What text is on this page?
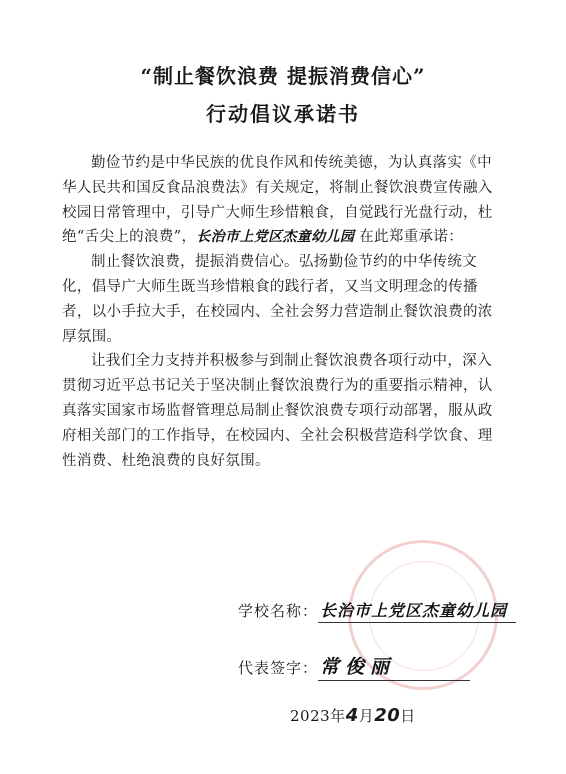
“制止餐饮浪费 提振消费信心”
行动倡议承诺书

勤俭节约是中华民族的优良作风和传统美德，为认真落实《中华人民共和国反食品浪费法》有关规定，将制止餐饮浪费宣传融入校园日常管理中，引导广大师生珍惜粮食，自觉践行光盘行动，杜绝“舌尖上的浪费”，长治市上党区杰童幼儿园 在此郑重承诺：

制止餐饮浪费，提振消费信心。弘扬勤俭节约的中华传统文化，倡导广大师生既当珍惜粮食的践行者，又当文明理念的传播者，以小手拉大手，在校园内、全社会努力营造制止餐饮浪费的浓厚氛围。

让我们全力支持并积极参与到制止餐饮浪费各项行动中，深入贯彻习近平总书记关于坚决制止餐饮浪费行为的重要指示精神，认真落实国家市场监督管理总局制止餐饮浪费专项行动部署，服从政府相关部门的工作指导，在校园内、全社会积极营造科学饮食、理性消费、杜绝浪费的良好氛围。

学校名称： 长治市上党区杰童幼儿园
代表签字： 常俊丽
2023年4月20日
